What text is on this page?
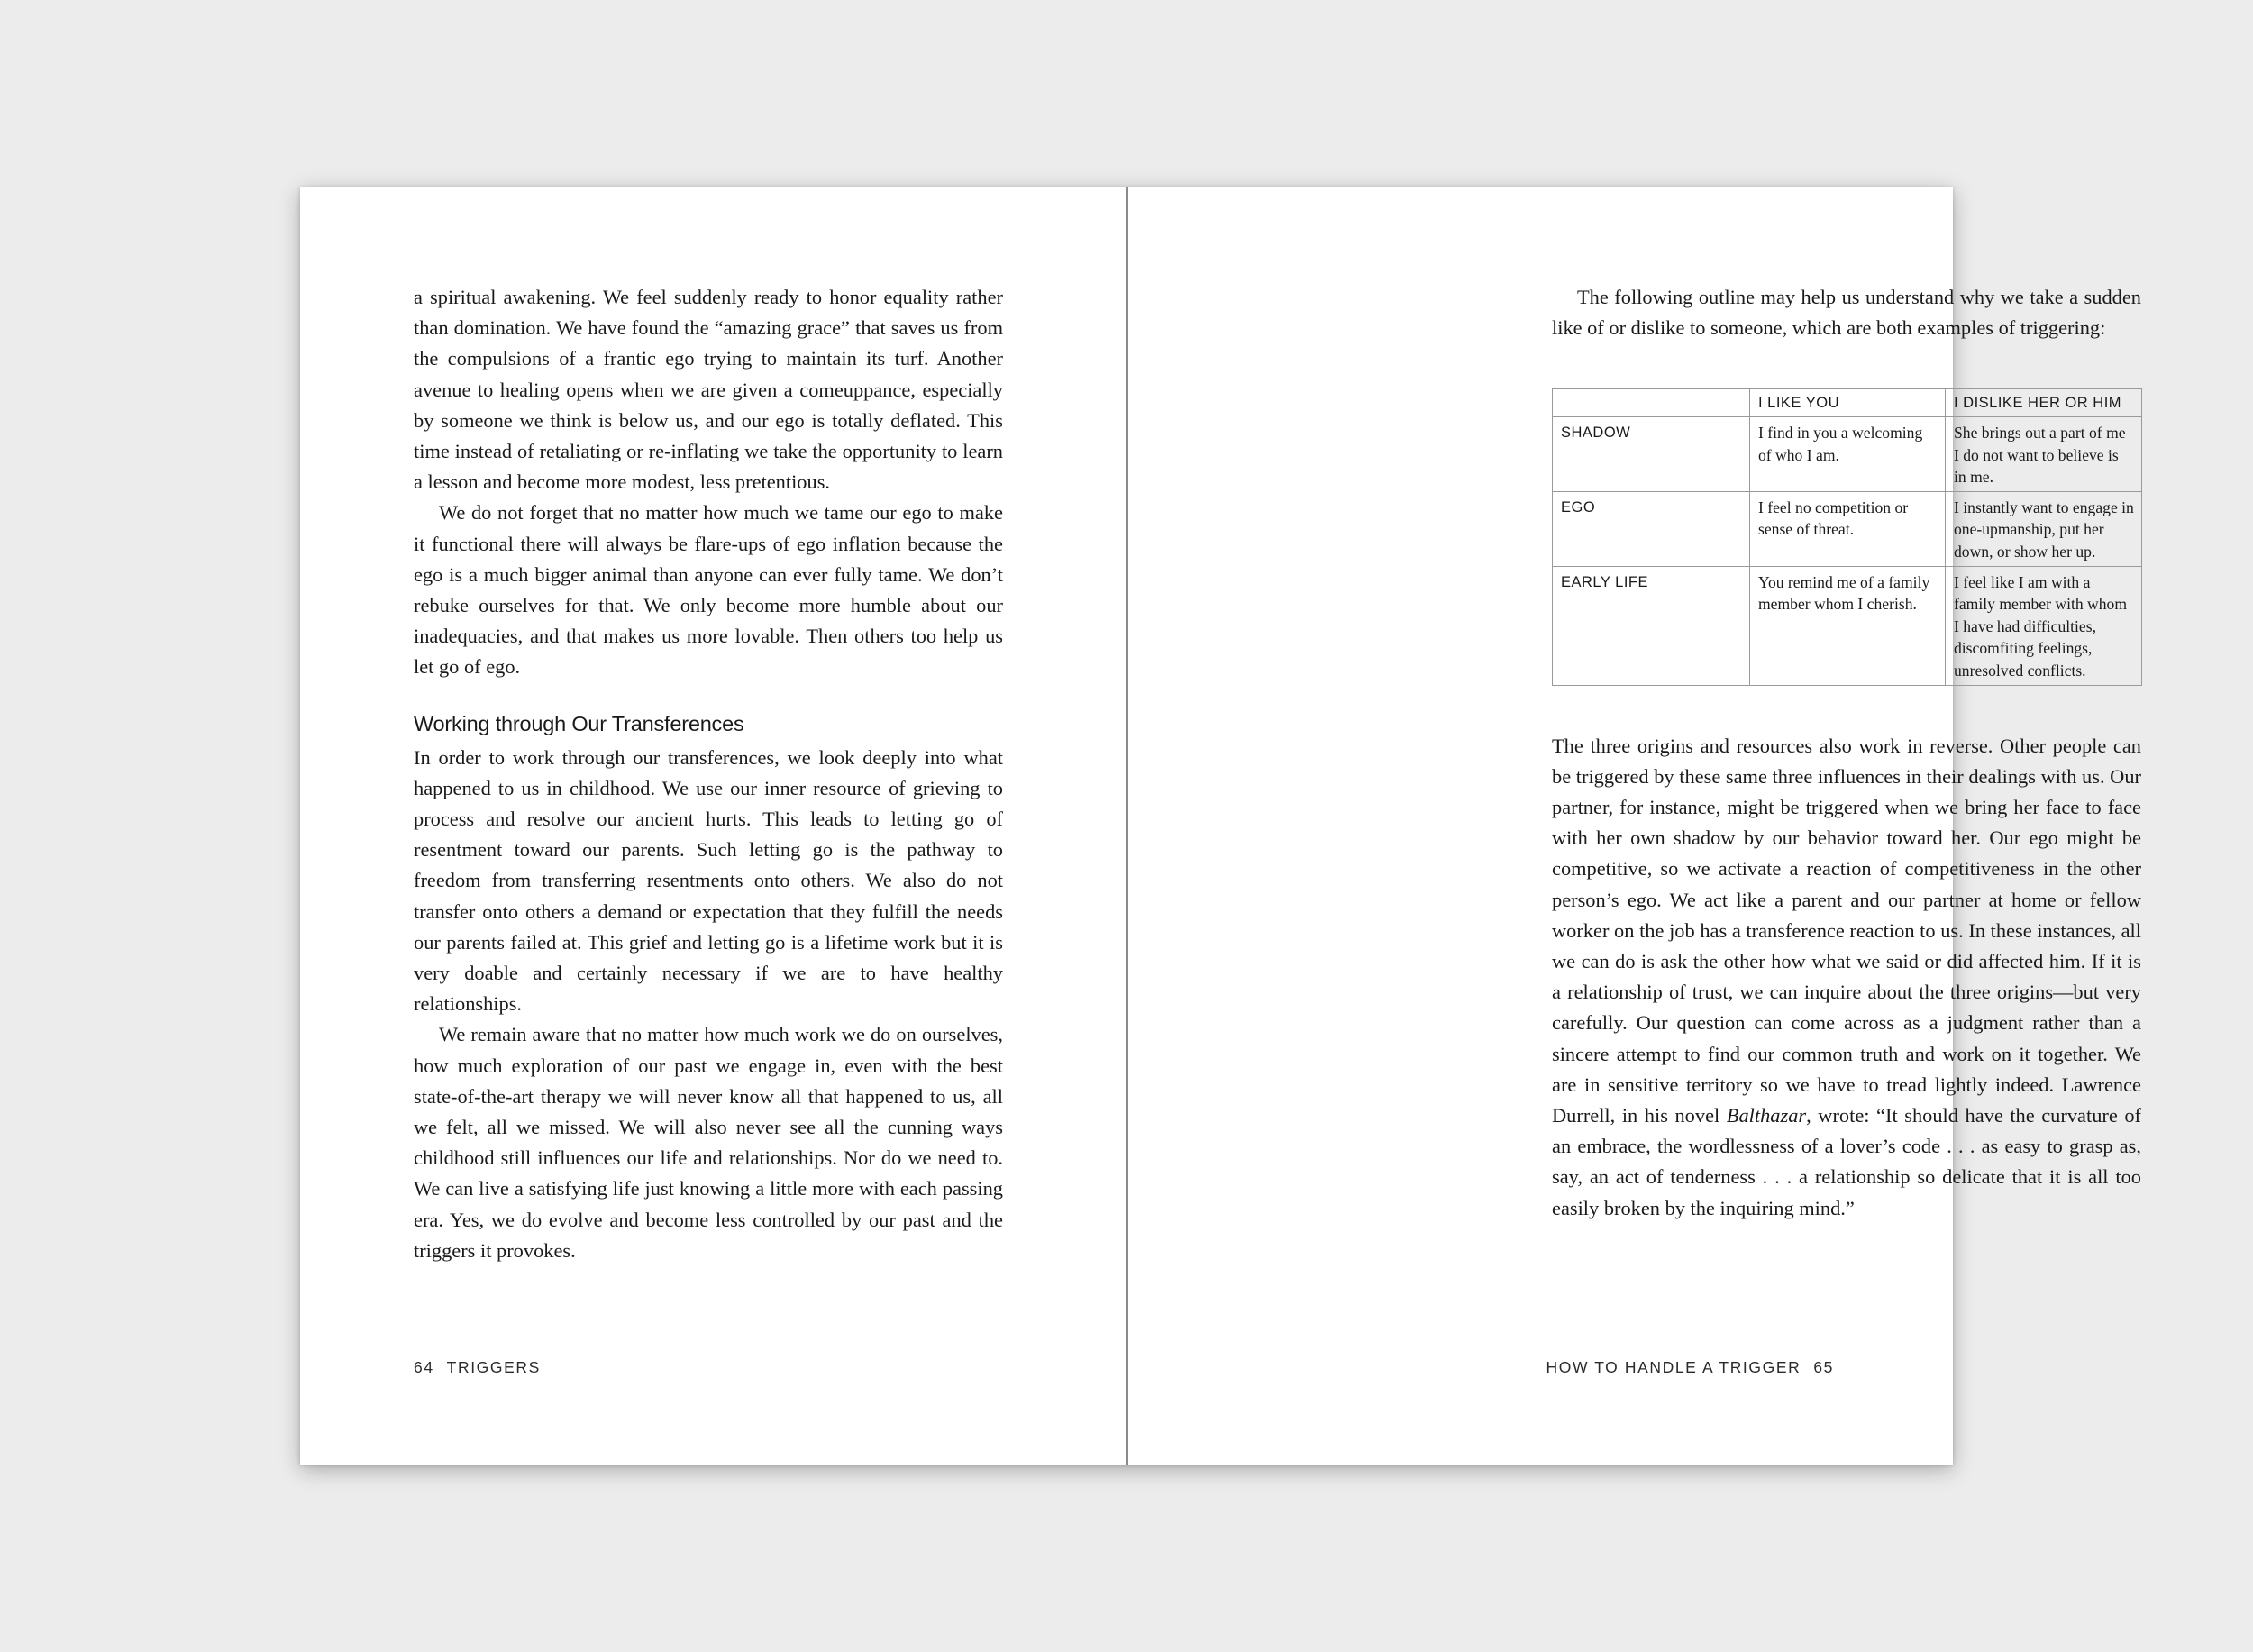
a spiritual awakening. We feel suddenly ready to honor equality rather than domination. We have found the “amazing grace” that saves us from the compulsions of a frantic ego trying to maintain its turf. Another avenue to healing opens when we are given a comeuppance, especially by someone we think is below us, and our ego is totally deflated. This time instead of retaliating or re-inflating we take the opportunity to learn a lesson and become more modest, less pretentious.

We do not forget that no matter how much we tame our ego to make it functional there will always be flare-ups of ego inflation because the ego is a much bigger animal than anyone can ever fully tame. We don’t rebuke ourselves for that. We only become more humble about our inadequacies, and that makes us more lovable. Then others too help us let go of ego.

Working through Our Transferences

In order to work through our transferences, we look deeply into what happened to us in childhood. We use our inner resource of grieving to process and resolve our ancient hurts. This leads to letting go of resentment toward our parents. Such letting go is the pathway to freedom from transferring resentments onto others. We also do not transfer onto others a demand or expectation that they fulfill the needs our parents failed at. This grief and letting go is a lifetime work but it is very doable and certainly necessary if we are to have healthy relationships.

We remain aware that no matter how much work we do on ourselves, how much exploration of our past we engage in, even with the best state-of-the-art therapy we will never know all that happened to us, all we felt, all we missed. We will also never see all the cunning ways childhood still influences our life and relationships. Nor do we need to. We can live a satisfying life just knowing a little more with each passing era. Yes, we do evolve and become less controlled by our past and the triggers it provokes.

64 TRIGGERS

The following outline may help us understand why we take a sudden like of or dislike to someone, which are both examples of triggering:

	I LIKE YOU	I DISLIKE HER OR HIM
SHADOW	I find in you a welcoming of who I am.	She brings out a part of me I do not want to believe is in me.
EGO	I feel no competition or sense of threat.	I instantly want to engage in one-upmanship, put her down, or show her up.
EARLY LIFE	You remind me of a family member whom I cherish.	I feel like I am with a family member with whom I have had difficulties, discomfiting feelings, unresolved conflicts.

The three origins and resources also work in reverse. Other people can be triggered by these same three influences in their dealings with us. Our partner, for instance, might be triggered when we bring her face to face with her own shadow by our behavior toward her. Our ego might be competitive, so we activate a reaction of competitiveness in the other person’s ego. We act like a parent and our partner at home or fellow worker on the job has a transference reaction to us. In these instances, all we can do is ask the other how what we said or did affected him. If it is a relationship of trust, we can inquire about the three origins—but very carefully. Our question can come across as a judgment rather than a sincere attempt to find our common truth and work on it together. We are in sensitive territory so we have to tread lightly indeed. Lawrence Durrell, in his novel Balthazar, wrote: “It should have the curvature of an embrace, the wordlessness of a lover’s code . . . as easy to grasp as, say, an act of tenderness . . . a relationship so delicate that it is all too easily broken by the inquiring mind.”

HOW TO HANDLE A TRIGGER 65
